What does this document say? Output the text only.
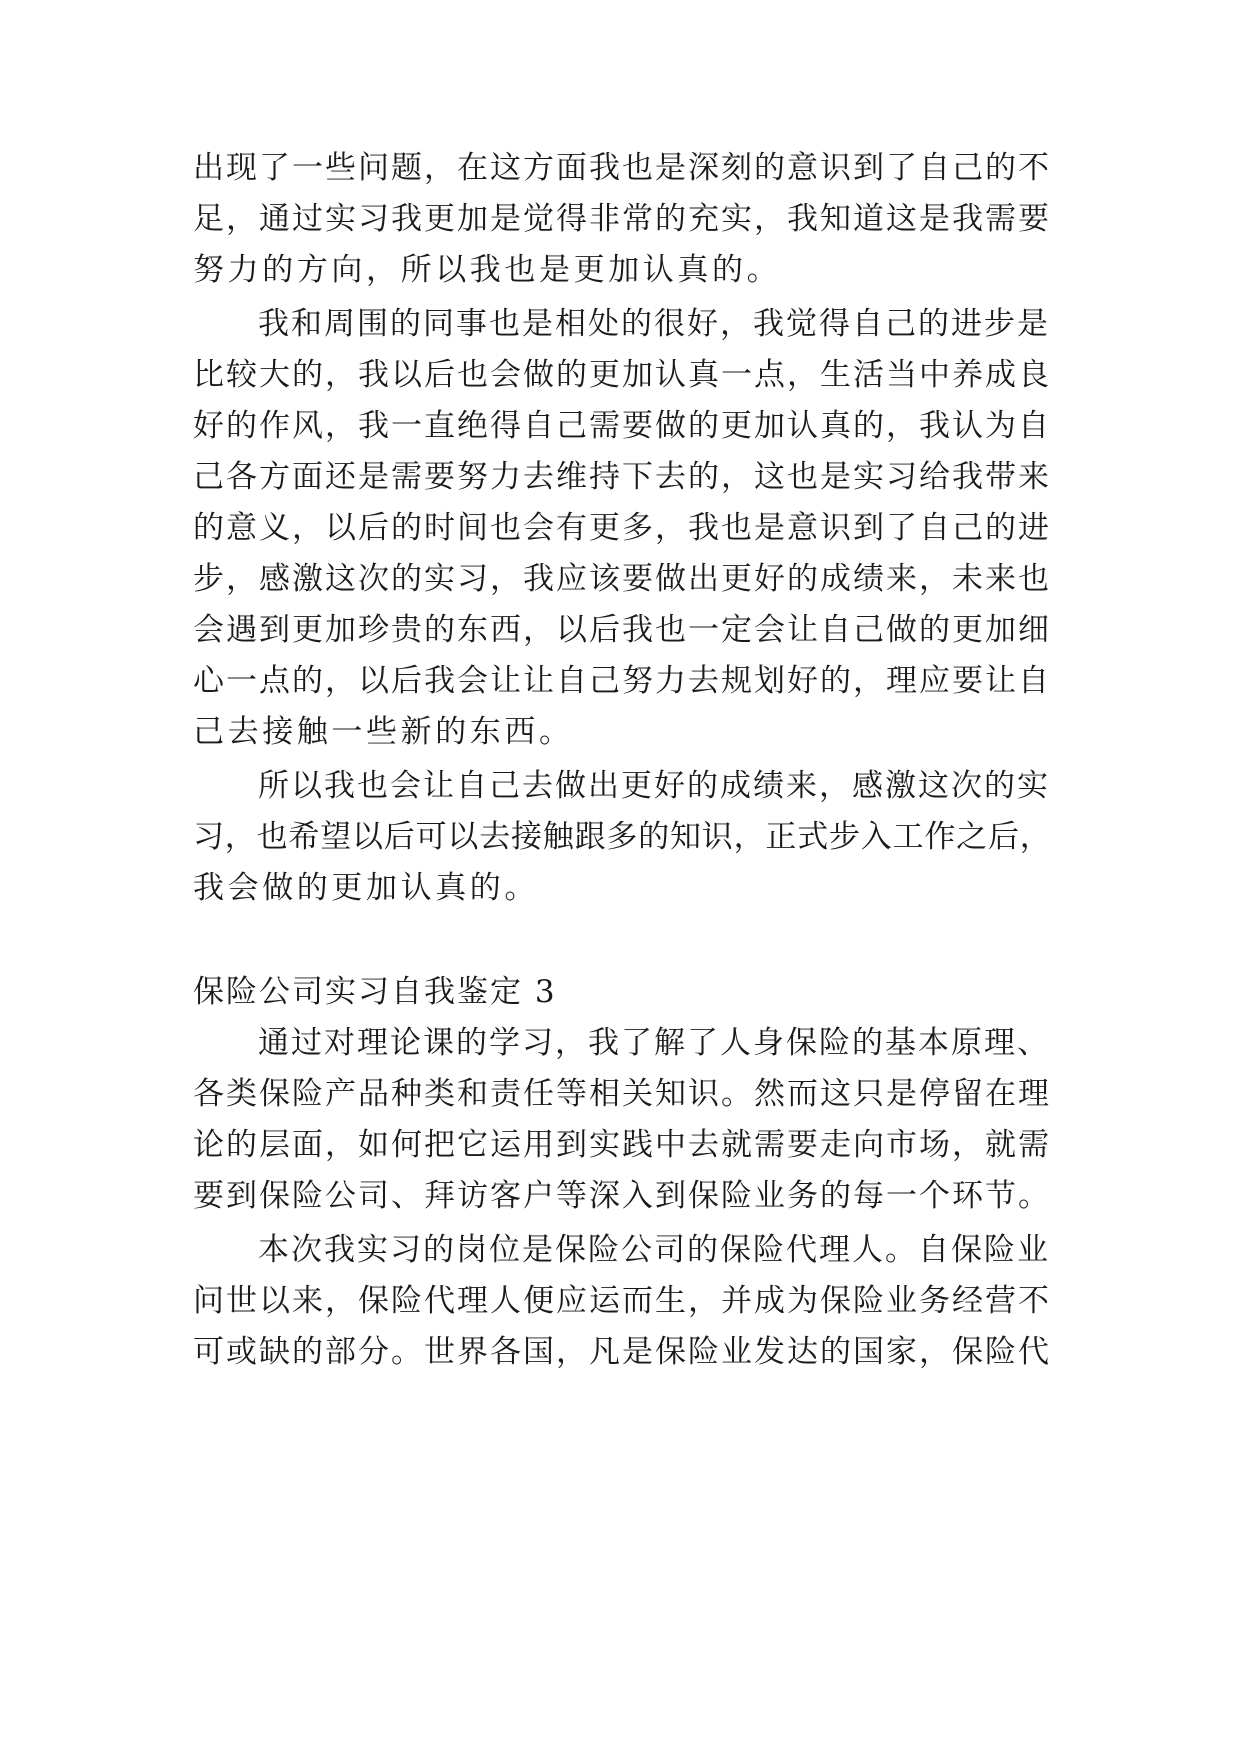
出现了一些问题，在这方面我也是深刻的意识到了自己的不
足，通过实习我更加是觉得非常的充实，我知道这是我需要
努力的方向，所以我也是更加认真的。
我和周围的同事也是相处的很好，我觉得自己的进步是
比较大的，我以后也会做的更加认真一点，生活当中养成良
好的作风，我一直绝得自己需要做的更加认真的，我认为自
己各方面还是需要努力去维持下去的，这也是实习给我带来
的意义，以后的时间也会有更多，我也是意识到了自己的进
步，感激这次的实习，我应该要做出更好的成绩来，未来也
会遇到更加珍贵的东西，以后我也一定会让自己做的更加细
心一点的，以后我会让让自己努力去规划好的，理应要让自
己去接触一些新的东西。
所以我也会让自己去做出更好的成绩来，感激这次的实
习，也希望以后可以去接触跟多的知识，正式步入工作之后，
我会做的更加认真的。
保险公司实习自我鉴定 3
通过对理论课的学习，我了解了人身保险的基本原理、
各类保险产品种类和责任等相关知识。然而这只是停留在理
论的层面，如何把它运用到实践中去就需要走向市场，就需
要到保险公司、拜访客户等深入到保险业务的每一个环节。
本次我实习的岗位是保险公司的保险代理人。自保险业
问世以来，保险代理人便应运而生，并成为保险业务经营不
可或缺的部分。世界各国，凡是保险业发达的国家，保险代
